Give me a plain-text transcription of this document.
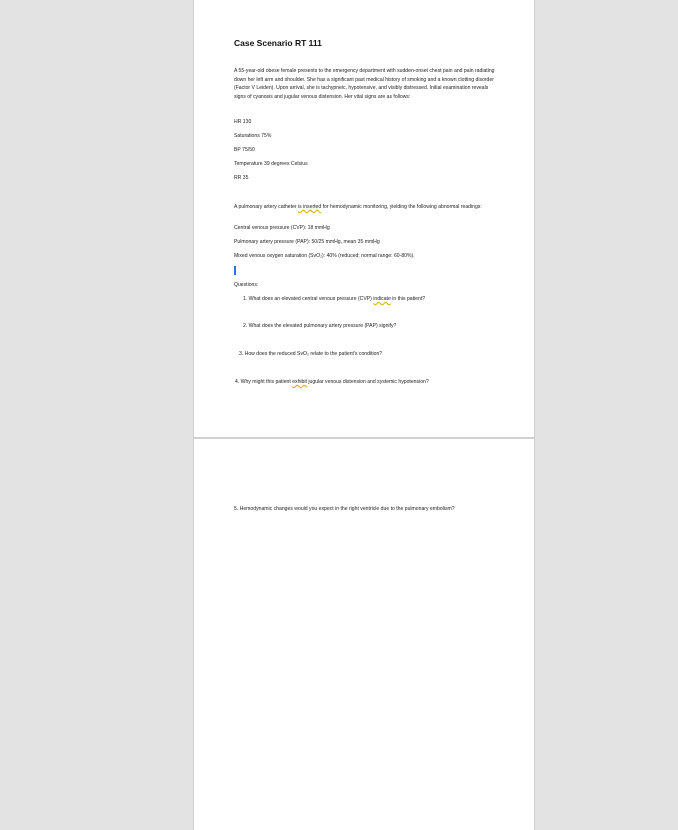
Case Scenario RT 111
A 55-year-old obese female presents to the emergency department with sudden-onset chest pain and pain radiating down her left arm and shoulder. She has a significant past medical history of smoking and a known clotting disorder (Factor V Leiden). Upon arrival, she is tachypneic, hypotensive, and visibly distressed. Initial examination reveals signs of cyanosis and jugular venous distension. Her vital signs are as follows:
HR 130
Saturations 75%
BP 75/50
Temperature 39 degrees Celsius
RR 35
A pulmonary artery catheter is inserted for hemodynamic monitoring, yielding the following abnormal readings:
Central venous pressure (CVP): 18 mmHg
Pulmonary artery pressure (PAP): 50/25 mmHg, mean 35 mmHg
Mixed venous oxygen saturation (SvO₂): 40% (reduced; normal range: 60-80%).
Questions:
1. What does an elevated central venous pressure (CVP) indicate in this patient?
2. What does the elevated pulmonary artery pressure (PAP) signify?
3. How does the reduced SvO₂ relate to the patient's condition?
4. Why might this patient exhibit jugular venous distension and systemic hypotension?
5. Hemodynamic changes would you expect in the right ventricle due to the pulmonary embolism?
